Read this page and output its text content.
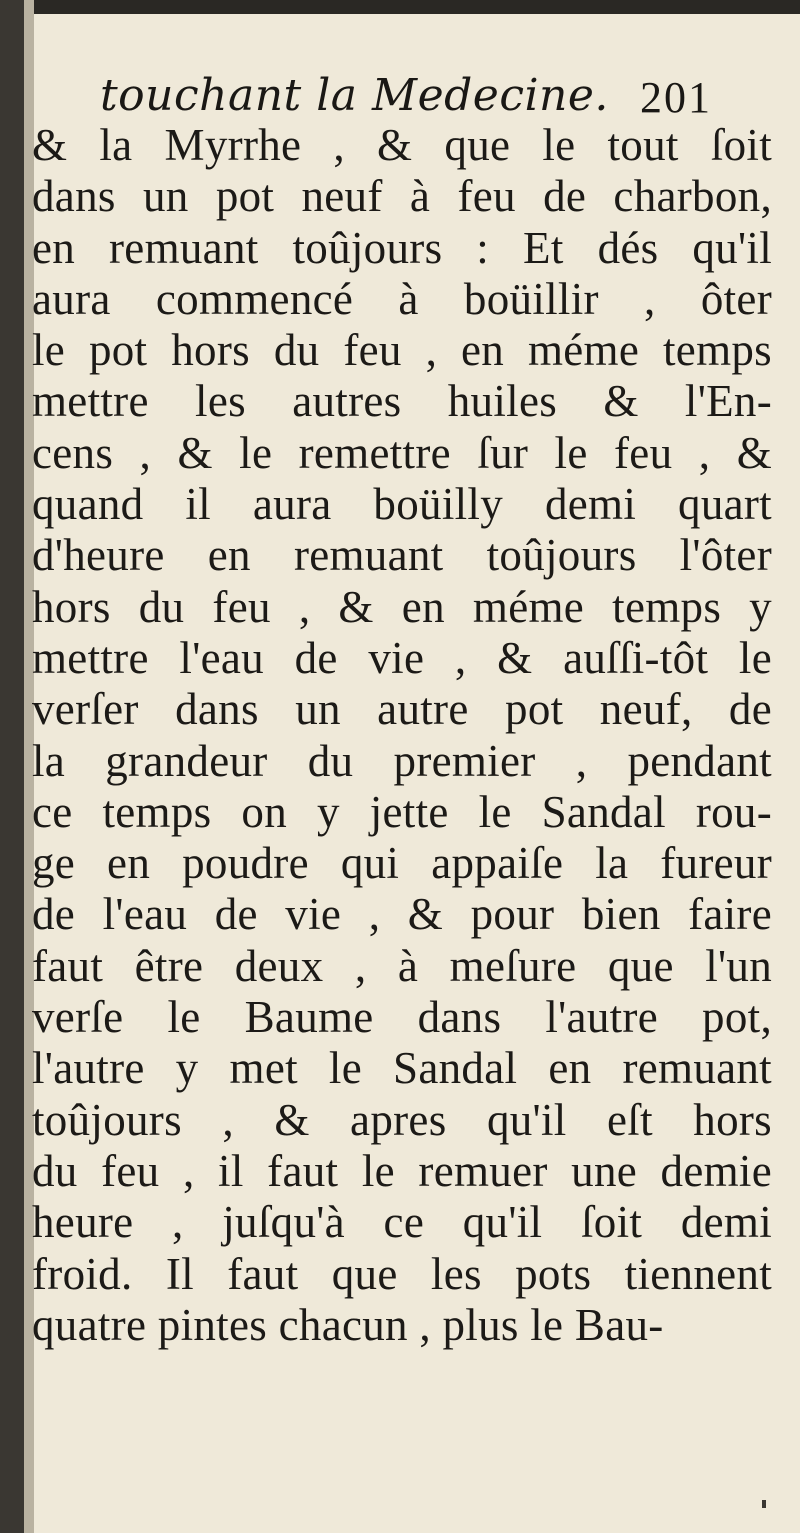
touchant la Medecine. 201
& la Myrrhe , & que le tout ſoit
dans un pot neuf à feu de charbon,
en remuant toûjours : Et dés qu'il
aura commencé à boüillir , ôter
le pot hors du feu , en méme temps
mettre les autres huiles & l'En-
cens , & le remettre ſur le feu , &
quand il aura boüilly demi quart
d'heure en remuant toûjours l'ôter
hors du feu , & en méme temps y
mettre l'eau de vie , & auſſi-tôt le
verſer dans un autre pot neuf, de
la grandeur du premier , pendant
ce temps on y jette le Sandal rou-
ge en poudre qui appaiſe la fureur
de l'eau de vie , & pour bien faire
faut être deux , à meſure que l'un
verſe le Baume dans l'autre pot,
l'autre y met le Sandal en remuant
toûjours , & apres qu'il eſt hors
du feu , il faut le remuer une demie
heure , juſqu'à ce qu'il ſoit demi
froid. Il faut que les pots tiennent
quatre pintes chacun , plus le Bau-
